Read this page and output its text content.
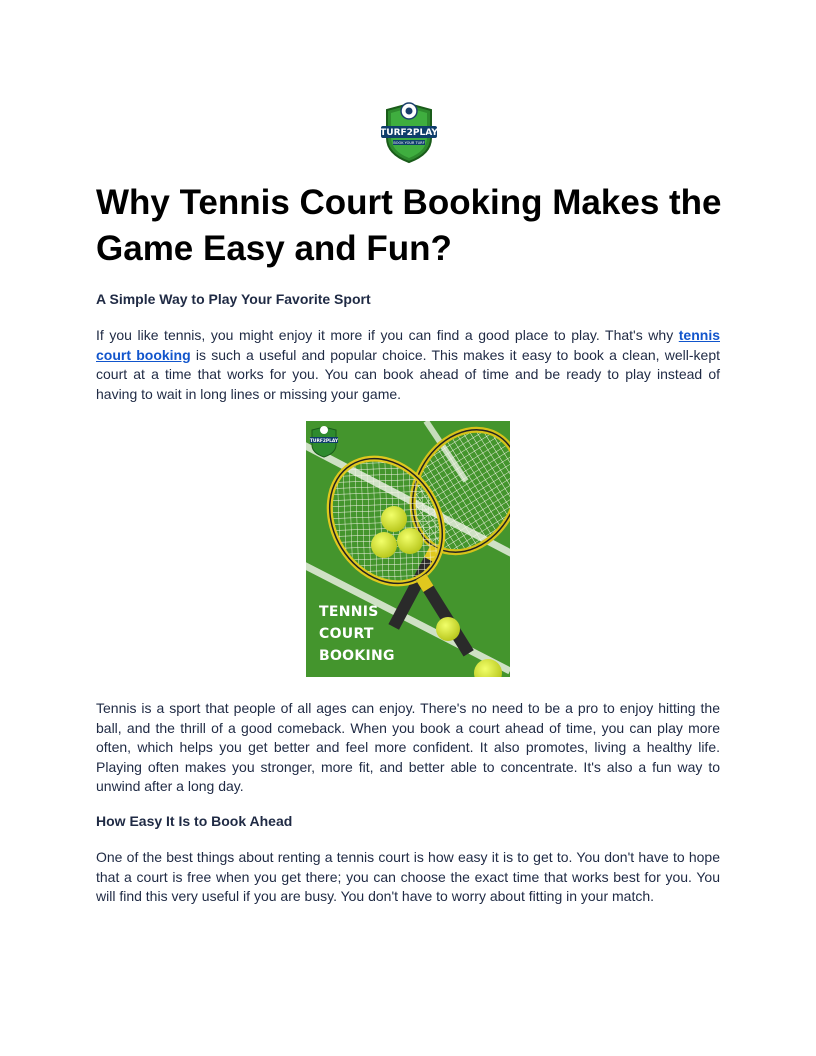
TURF2PLAY
BOOK YOUR TURF
Why Tennis Court Booking Makes the Game Easy and Fun?
A Simple Way to Play Your Favorite Sport

If you like tennis, you might enjoy it more if you can find a good place to play. That's why tennis court booking is such a useful and popular choice. This makes it easy to book a clean, well-kept court at a time that works for you. You can book ahead of time and be ready to play instead of having to wait in long lines or missing your game.

TURF2PLAY
TENNIS
COURT
BOOKING

Tennis is a sport that people of all ages can enjoy. There's no need to be a pro to enjoy hitting the ball, and the thrill of a good comeback. When you book a court ahead of time, you can play more often, which helps you get better and feel more confident. It also promotes, living a healthy life. Playing often makes you stronger, more fit, and better able to concentrate. It's also a fun way to unwind after a long day.

How Easy It Is to Book Ahead

One of the best things about renting a tennis court is how easy it is to get to. You don't have to hope that a court is free when you get there; you can choose the exact time that works best for you. You will find this very useful if you are busy. You don't have to worry about fitting in your match.
